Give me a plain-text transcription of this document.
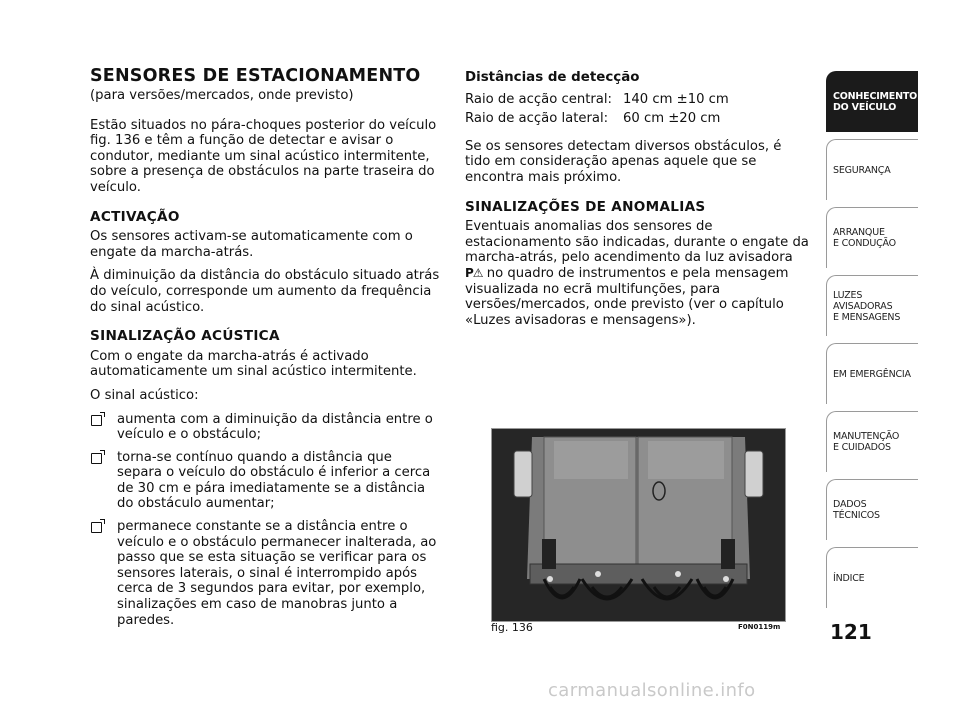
SENSORES DE ESTACIONAMENTO

(para versões/mercados, onde previsto)

Estão situados no pára-choques posterior do veículo fig. 136 e têm a função de detectar e avisar o condutor, mediante um sinal acústico intermitente, sobre a presença de obstáculos na parte traseira do veículo.

ACTIVAÇÃO

Os sensores activam-se automaticamente com o engate da marcha-atrás.

À diminuição da distância do obstáculo situado atrás do veículo, corresponde um aumento da frequência do sinal acústico.

SINALIZAÇÃO ACÚSTICA

Com o engate da marcha-atrás é activado automaticamente um sinal acústico intermitente.

O sinal acústico:

aumenta com a diminuição da distância entre o veículo e o obstáculo;
torna-se contínuo quando a distância que separa o veículo do obstáculo é inferior a cerca de 30 cm e pára imediatamente se a distância do obstáculo aumentar;
permanece constante se a distância entre o veículo e o obstáculo permanecer inalterada, ao passo que se esta situação se verificar para os sensores laterais, o sinal é interrompido após cerca de 3 segundos para evitar, por exemplo, sinalizações em caso de manobras junto a paredes.
Distâncias de detecção
Raio de acção central:	140 cm ±10 cm
Raio de acção lateral:	60 cm ±20 cm

Se os sensores detectam diversos obstáculos, é tido em consideração apenas aquele que se encontra mais próximo.

SINALIZAÇÕES DE ANOMALIAS

Eventuais anomalias dos sensores de estacionamento são indicadas, durante o engate da marcha-atrás, pelo acendimento da luz avisadora P⚠ no quadro de instrumentos e pela mensagem visualizada no ecrã multifunções, para versões/mercados, onde previsto (ver o capítulo «Luzes avisadoras e mensagens»).

fig. 136	F0N0119m
CONHECIMENTO
DO VEÍCULO
SEGURANÇA
ARRANQUE
E CONDUÇÃO
LUZES
AVISADORAS
E MENSAGENS
EM EMERGÊNCIA
MANUTENÇÃO
E CUIDADOS
DADOS
TÉCNICOS
ÍNDICE
121
carmanualsonline.info
